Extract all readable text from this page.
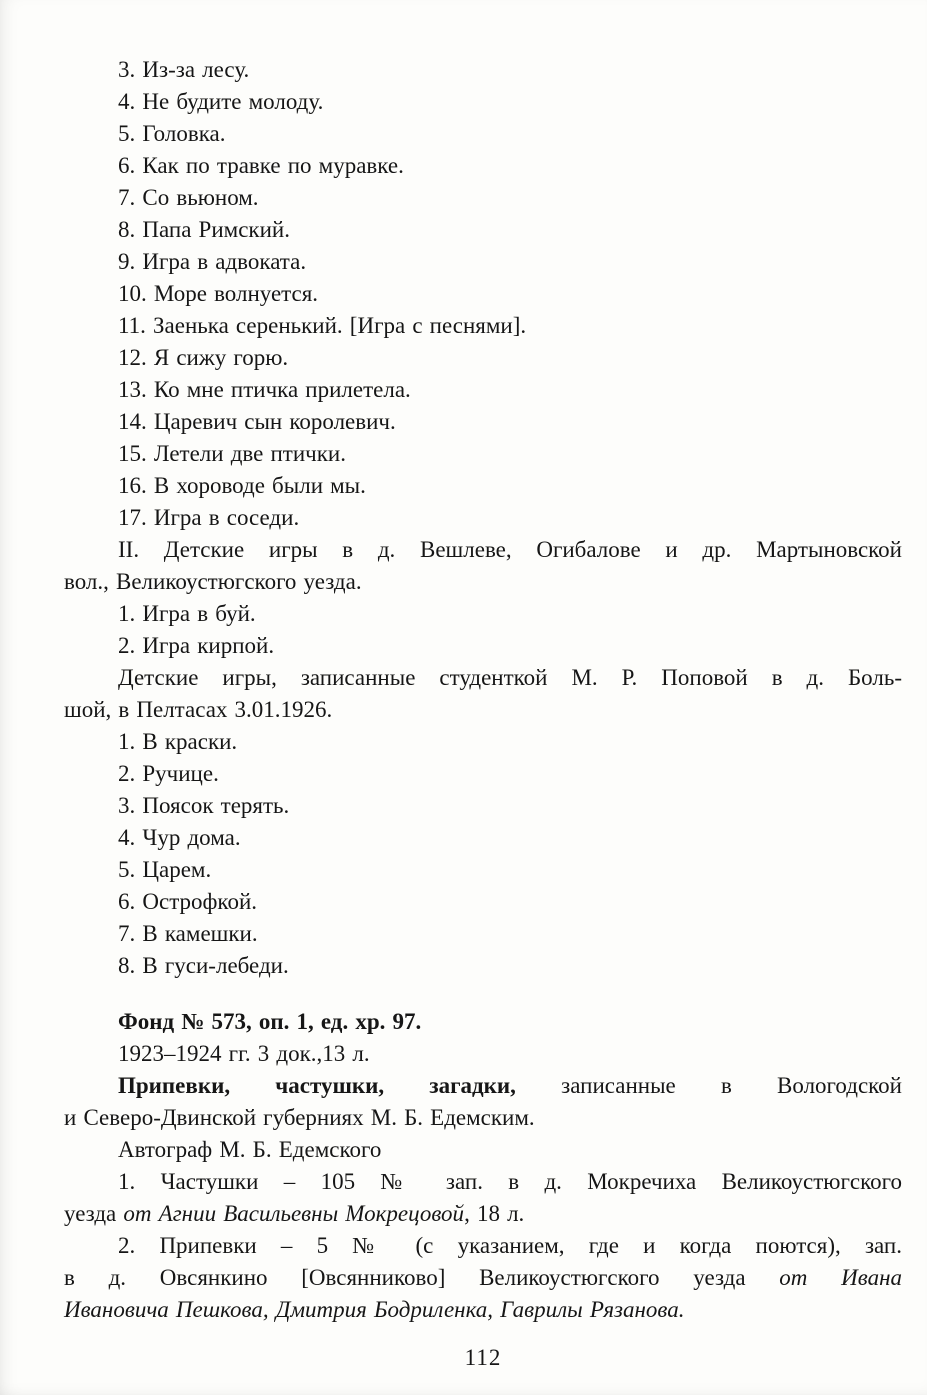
3. Из-за лесу.
4. Не будите молоду.
5. Головка.
6. Как по травке по муравке.
7. Со вьюном.
8. Папа Римский.
9. Игра в адвоката.
10. Море волнуется.
11. Заенька серенький. [Игра с песнями].
12. Я сижу горю.
13. Ко мне птичка прилетела.
14. Царевич сын королевич.
15. Летели две птички.
16. В хороводе были мы.
17. Игра в соседи.
II. Детские игры в д. Вешлеве, Огибалове и др. Мартыновской
вол., Великоустюгского уезда.
1. Игра в буй.
2. Игра кирпой.
Детские игры, записанные студенткой М. Р. Поповой в д. Боль-
шой, в Пелтасах 3.01.1926.
1. В краски.
2. Ручице.
3. Поясок терять.
4. Чур дома.
5. Царем.
6. Острофкой.
7. В камешки.
8. В гуси-лебеди.
Фонд № 573, оп. 1, ед. хр. 97.
1923–1924 гг. 3 док.,13 л.
Припевки, частушки, загадки, записанные в Вологодской
и Северо-Двинской губерниях М. Б. Едемским.
Автограф М. Б. Едемского
1. Частушки – 105 № зап. в д. Мокречиха Великоустюгского
уезда от Агнии Васильевны Мокрецовой, 18 л.
2. Припевки – 5 № (с указанием, где и когда поются), зап.
в д. Овсянкино [Овсянниково] Великоустюгского уезда от Ивана
Ивановича Пешкова, Дмитрия Бодриленка, Гаврилы Рязанова.
112
